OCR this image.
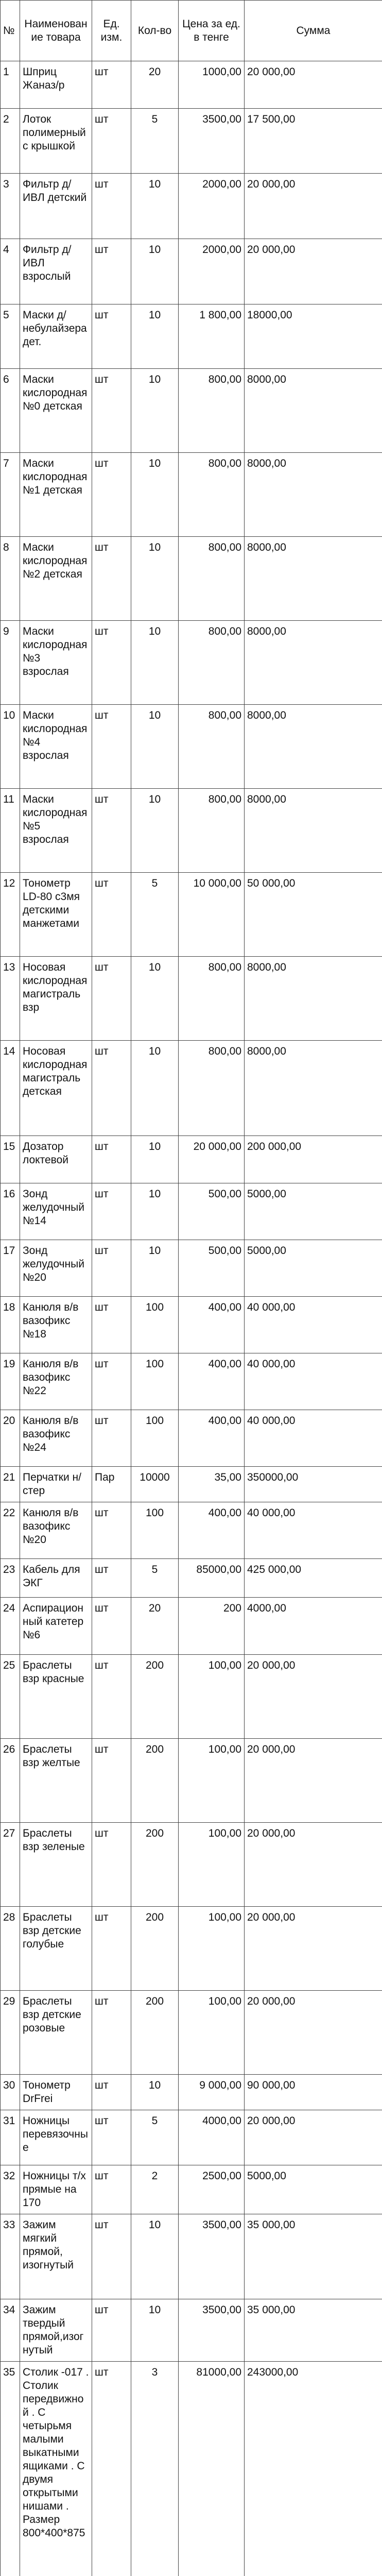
№	Наименование товара	Ед. изм.	Кол-во	Цена за ед. в тенге	Сумма
1	Шприц Жаназ/р	шт	20	1000,00	20 000,00
2	Лоток полимерный с крышкой	шт	5	3500,00	17 500,00
3	Фильтр д/ИВЛ детский	шт	10	2000,00	20 000,00
4	Фильтр д/ИВЛ взрослый	шт	10	2000,00	20 000,00
5	Маски д/ небулайзерадет.	шт	10	1 800,00	18000,00
6	Маски кислородная №0 детская	шт	10	800,00	8000,00
7	Маски кислородная №1 детская	шт	10	800,00	8000,00
8	Маски кислородная №2 детская	шт	10	800,00	8000,00
9	Маски кислородная №3 взрослая	шт	10	800,00	8000,00
10	Маски кислородная №4 взрослая	шт	10	800,00	8000,00
11	Маски кислородная №5 взрослая	шт	10	800,00	8000,00
12	Тонометр LD-80 с3мя детскими манжетами	шт	5	10 000,00	50 000,00
13	Носовая кислородная магистраль взр	шт	10	800,00	8000,00
14	Носовая кислородная магистраль детская	шт	10	800,00	8000,00
15	Дозатор локтевой	шт	10	20 000,00	200 000,00
16	Зонд желудочный №14	шт	10	500,00	5000,00
17	Зонд желудочный №20	шт	10	500,00	5000,00
18	Канюля в/в вазофикс №18	шт	100	400,00	40 000,00
19	Канюля в/в вазофикс №22	шт	100	400,00	40 000,00
20	Канюля в/в вазофикс №24	шт	100	400,00	40 000,00
21	Перчатки н/стер	Пар	10000	35,00	350000,00
22	Канюля в/в вазофикс №20	шт	100	400,00	40 000,00
23	Кабель для ЭКГ	шт	5	85000,00	425 000,00
24	Аспирационный катетер №6	шт	20	200	4000,00
25	Браслеты взр красные	шт	200	100,00	20 000,00
26	Браслеты взр желтые	шт	200	100,00	20 000,00
27	Браслеты взр зеленые	шт	200	100,00	20 000,00
28	Браслеты взр детские голубые	шт	200	100,00	20 000,00
29	Браслеты взр детские розовые	шт	200	100,00	20 000,00
30	Тонометр DrFrei	шт	10	9 000,00	90 000,00
31	Ножницы перевязочные	шт	5	4000,00	20 000,00
32	Ножницы т/х прямые на 170	шт	2	2500,00	5000,00
33	Зажим мягкий прямой, изогнутый	шт	10	3500,00	35 000,00
34	Зажим твердый прямой,изогнутый	шт	10	3500,00	35 000,00
35	Столик -017 . Столик передвижной . С четырьмя малыми выкатными ящиками . С двумя открытыми нишами . Размер 800*400*875	шт	3	81000,00	243000,00
